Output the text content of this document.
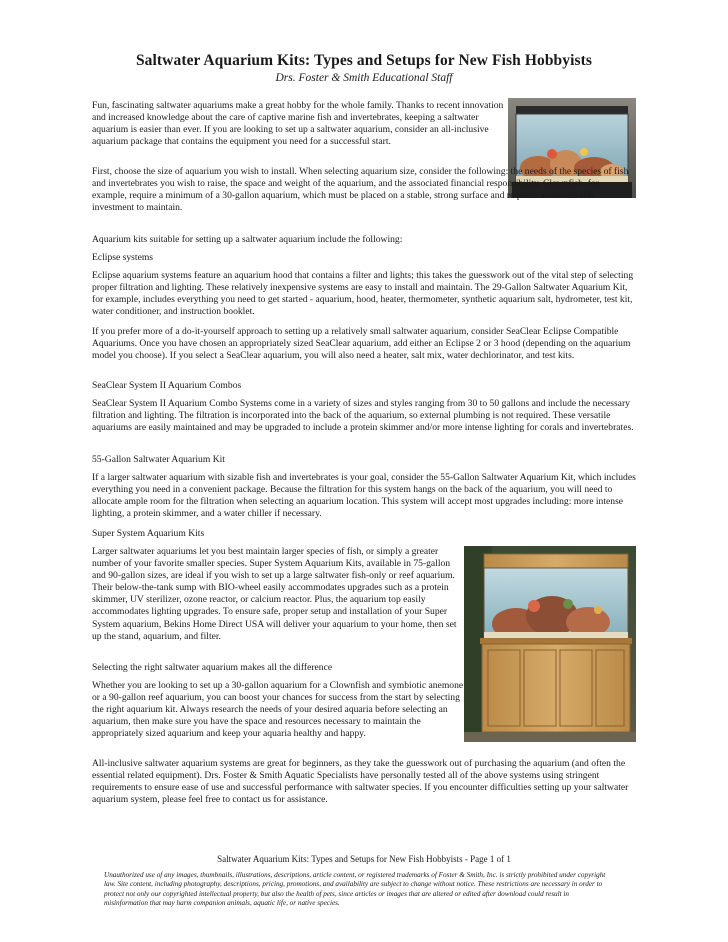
Saltwater Aquarium Kits: Types and Setups for New Fish Hobbyists

Drs. Foster & Smith Educational Staff

Fun, fascinating saltwater aquariums make a great hobby for the whole family. Thanks to recent innovation and increased knowledge about the care of captive marine fish and invertebrates, keeping a saltwater aquarium is easier than ever. If you are looking to set up a saltwater aquarium, consider an all-inclusive aquarium package that contains the equipment you need for a successful start.

First, choose the size of aquarium you wish to install. When selecting aquarium size, consider the following: the needs of the species of fish and invertebrates you wish to raise, the space and weight of the aquarium, and the associated financial responsibility. Clownfish, for example, require a minimum of a 30-gallon aquarium, which must be placed on a stable, strong surface and requires a considerable investment to maintain.

Aquarium kits suitable for setting up a saltwater aquarium include the following:

Eclipse systems

Eclipse aquarium systems feature an aquarium hood that contains a filter and lights; this takes the guesswork out of the vital step of selecting proper filtration and lighting. These relatively inexpensive systems are easy to install and maintain. The 29-Gallon Saltwater Aquarium Kit, for example, includes everything you need to get started - aquarium, hood, heater, thermometer, synthetic aquarium salt, hydrometer, test kit, water conditioner, and instruction booklet.

If you prefer more of a do-it-yourself approach to setting up a relatively small saltwater aquarium, consider SeaClear Eclipse Compatible Aquariums. Once you have chosen an appropriately sized SeaClear aquarium, add either an Eclipse 2 or 3 hood (depending on the aquarium model you choose). If you select a SeaClear aquarium, you will also need a heater, salt mix, water dechlorinator, and test kits.

SeaClear System II Aquarium Combos

SeaClear System II Aquarium Combo Systems come in a variety of sizes and styles ranging from 30 to 50 gallons and include the necessary filtration and lighting. The filtration is incorporated into the back of the aquarium, so external plumbing is not required. These versatile aquariums are easily maintained and may be upgraded to include a protein skimmer and/or more intense lighting for corals and invertebrates.

55-Gallon Saltwater Aquarium Kit

If a larger saltwater aquarium with sizable fish and invertebrates is your goal, consider the 55-Gallon Saltwater Aquarium Kit, which includes everything you need in a convenient package. Because the filtration for this system hangs on the back of the aquarium, you will need to allocate ample room for the filtration when selecting an aquarium location. This system will accept most upgrades including: more intense lighting, a protein skimmer, and a water chiller if necessary.

Super System Aquarium Kits

Larger saltwater aquariums let you best maintain larger species of fish, or simply a greater number of your favorite smaller species. Super System Aquarium Kits, available in 75-gallon and 90-gallon sizes, are ideal if you wish to set up a large saltwater fish-only or reef aquarium. Their below-the-tank sump with BIO-wheel easily accommodates upgrades such as a protein skimmer, UV sterilizer, ozone reactor, or calcium reactor. Plus, the aquarium top easily accommodates lighting upgrades. To ensure safe, proper setup and installation of your Super System aquarium, Bekins Home Direct USA will deliver your aquarium to your home, then set up the stand, aquarium, and filter.

Selecting the right saltwater aquarium makes all the difference

Whether you are looking to set up a 30-gallon aquarium for a Clownfish and symbiotic anemone or a 90-gallon reef aquarium, you can boost your chances for success from the start by selecting the right aquarium kit. Always research the needs of your desired aquaria before selecting an aquarium, then make sure you have the space and resources necessary to maintain the appropriately sized aquarium and keep your aquaria healthy and happy.

All-inclusive saltwater aquarium systems are great for beginners, as they take the guesswork out of purchasing the aquarium (and often the essential related equipment). Drs. Foster & Smith Aquatic Specialists have personally tested all of the above systems using stringent requirements to ensure ease of use and successful performance with saltwater species. If you encounter difficulties setting up your saltwater aquarium system, please feel free to contact us for assistance.

Saltwater Aquarium Kits: Types and Setups for New Fish Hobbyists - Page 1 of 1

Unauthorized use of any images, thumbnails, illustrations, descriptions, article content, or registered trademarks of Foster & Smith, Inc. is strictly prohibited under copyright law. Site content, including photography, descriptions, pricing, promotions, and availability are subject to change without notice. These restrictions are necessary in order to protect not only our copyrighted intellectual property, but also the health of pets, since articles or images that are altered or edited after download could result in misinformation that may harm companion animals, aquatic life, or native species.
